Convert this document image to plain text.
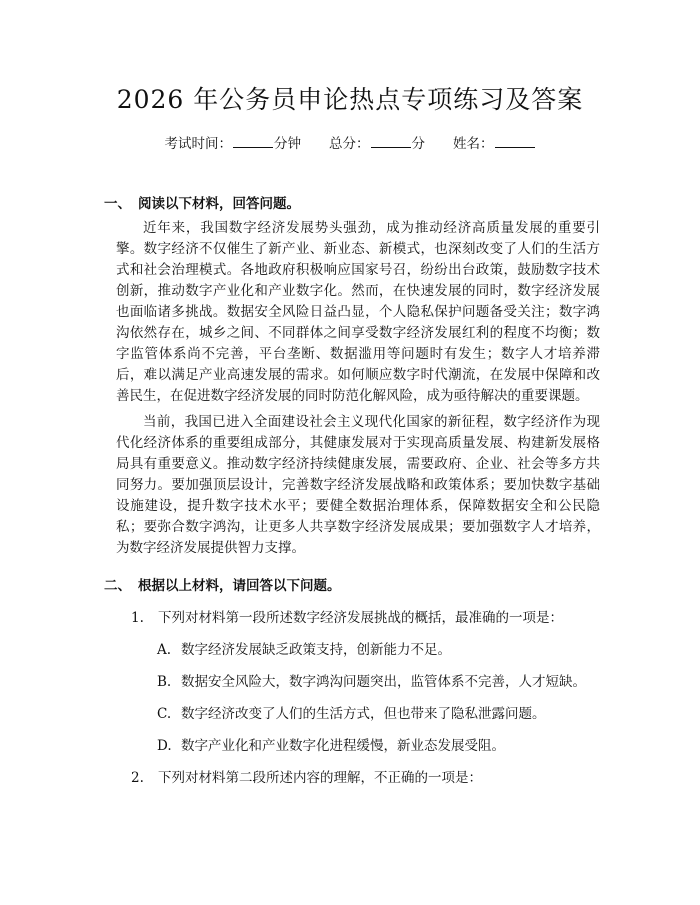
2026 年公务员申论热点专项练习及答案
考试时间：	分钟 总分：	分 姓名：
一、 阅读以下材料，回答问题。

近年来，我国数字经济发展势头强劲，成为推动经济高质量发展的重要引擎。数字经济不仅催生了新产业、新业态、新模式，也深刻改变了人们的生活方式和社会治理模式。各地政府积极响应国家号召，纷纷出台政策，鼓励数字技术创新，推动数字产业化和产业数字化。然而，在快速发展的同时，数字经济发展也面临诸多挑战。数据安全风险日益凸显，个人隐私保护问题备受关注；数字鸿沟依然存在，城乡之间、不同群体之间享受数字经济发展红利的程度不均衡；数字监管体系尚不完善，平台垄断、数据滥用等问题时有发生；数字人才培养滞后，难以满足产业高速发展的需求。如何顺应数字时代潮流，在发展中保障和改善民生，在促进数字经济发展的同时防范化解风险，成为亟待解决的重要课题。

当前，我国已进入全面建设社会主义现代化国家的新征程，数字经济作为现代化经济体系的重要组成部分，其健康发展对于实现高质量发展、构建新发展格局具有重要意义。推动数字经济持续健康发展，需要政府、企业、社会等多方共同努力。要加强顶层设计，完善数字经济发展战略和政策体系；要加快数字基础设施建设，提升数字技术水平；要健全数据治理体系，保障数据安全和公民隐私；要弥合数字鸿沟，让更多人共享数字经济发展成果；要加强数字人才培养，为数字经济发展提供智力支撑。

二、 根据以上材料，请回答以下问题。
1. 下列对材料第一段所述数字经济发展挑战的概括，最准确的一项是：
A. 数字经济发展缺乏政策支持，创新能力不足。
B. 数据安全风险大，数字鸿沟问题突出，监管体系不完善，人才短缺。
C. 数字经济改变了人们的生活方式，但也带来了隐私泄露问题。
D. 数字产业化和产业数字化进程缓慢，新业态发展受阻。
2. 下列对材料第二段所述内容的理解，不正确的一项是：
